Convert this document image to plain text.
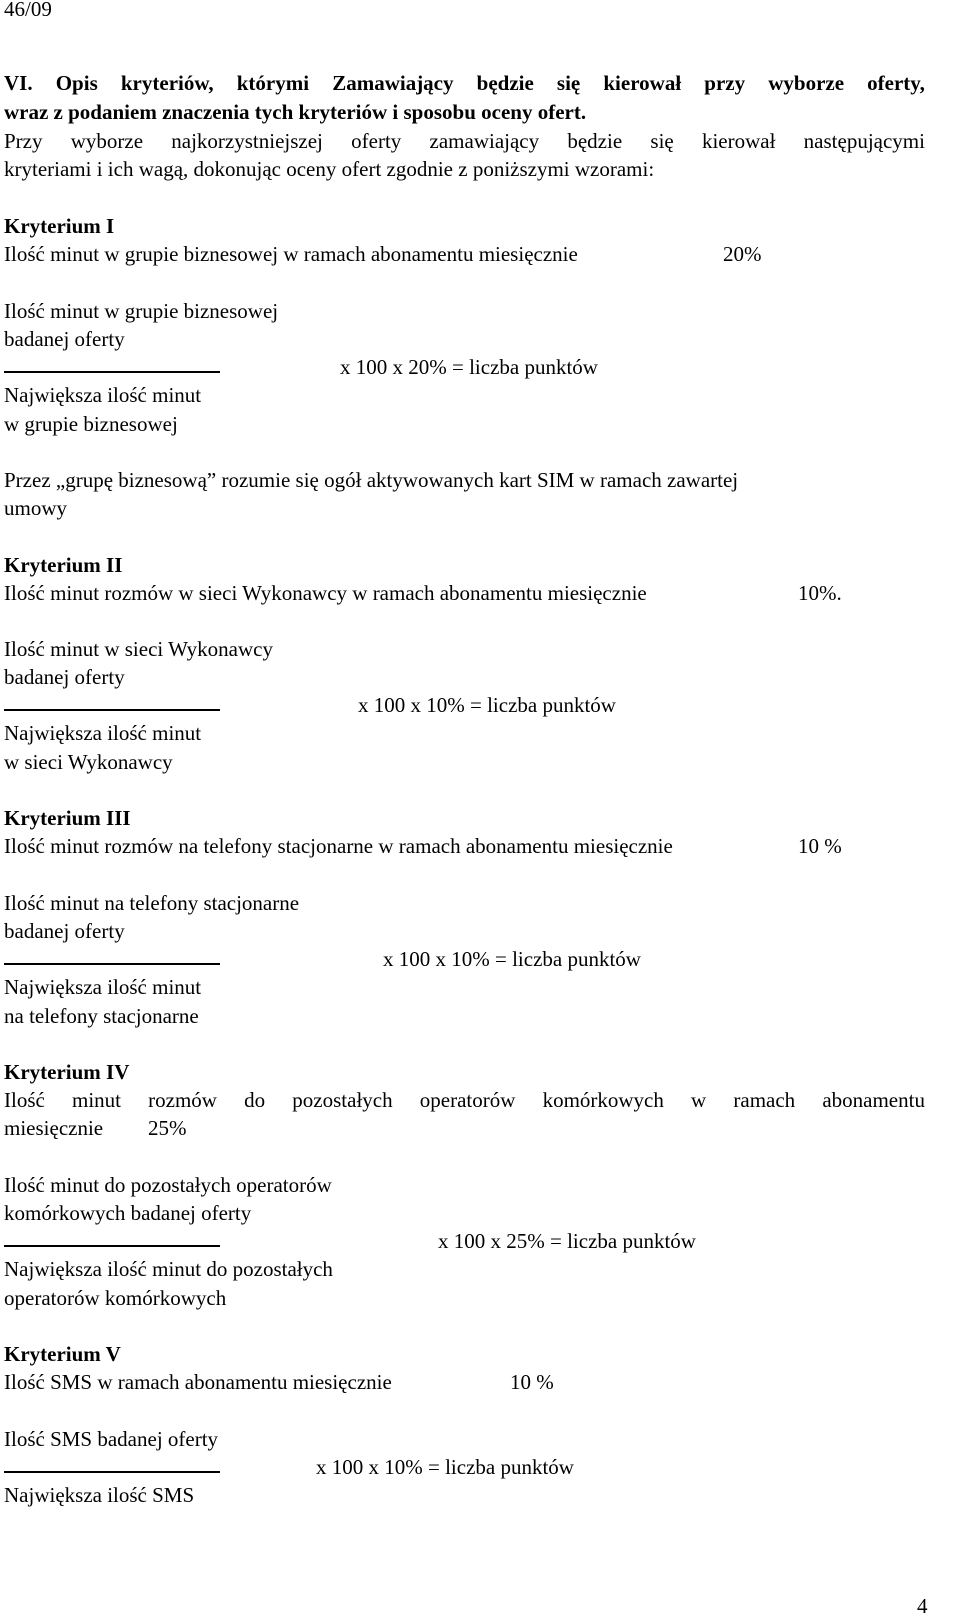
46/09
VI. Opis kryteriów, którymi Zamawiający będzie się kierował przy wyborze oferty,
wraz z podaniem znaczenia tych kryteriów i sposobu oceny ofert.
Przy wyborze najkorzystniejszej oferty zamawiający będzie się kierował następującymi
kryteriami i ich wagą, dokonując oceny ofert zgodnie z poniższymi wzorami:
Kryterium I
Ilość minut w grupie biznesowej w ramach abonamentu miesięcznie	20%
Ilość minut w grupie biznesowej
badanej oferty
x 100 x 20% = liczba punktów
Największa ilość minut
w grupie biznesowej
Przez „grupę biznesową” rozumie się ogół aktywowanych kart SIM w ramach zawartej
umowy
Kryterium II
Ilość minut rozmów w sieci Wykonawcy w ramach abonamentu miesięcznie	10%.
Ilość minut w sieci Wykonawcy
badanej oferty
x 100 x 10% = liczba punktów
Największa ilość minut
w sieci Wykonawcy
Kryterium III
Ilość minut rozmów na telefony stacjonarne w ramach abonamentu miesięcznie	10 %
Ilość minut na telefony stacjonarne
badanej oferty
x 100 x 10% = liczba punktów
Największa ilość minut
na telefony stacjonarne
Kryterium IV
Ilość minut rozmów do pozostałych operatorów komórkowych w ramach abonamentu
miesięcznie 25%
Ilość minut do pozostałych operatorów
komórkowych badanej oferty
x 100 x 25% = liczba punktów
Największa ilość minut do pozostałych
operatorów komórkowych
Kryterium V
Ilość SMS w ramach abonamentu miesięcznie	10 %
Ilość SMS badanej oferty
x 100 x 10% = liczba punktów
Największa ilość SMS
4
